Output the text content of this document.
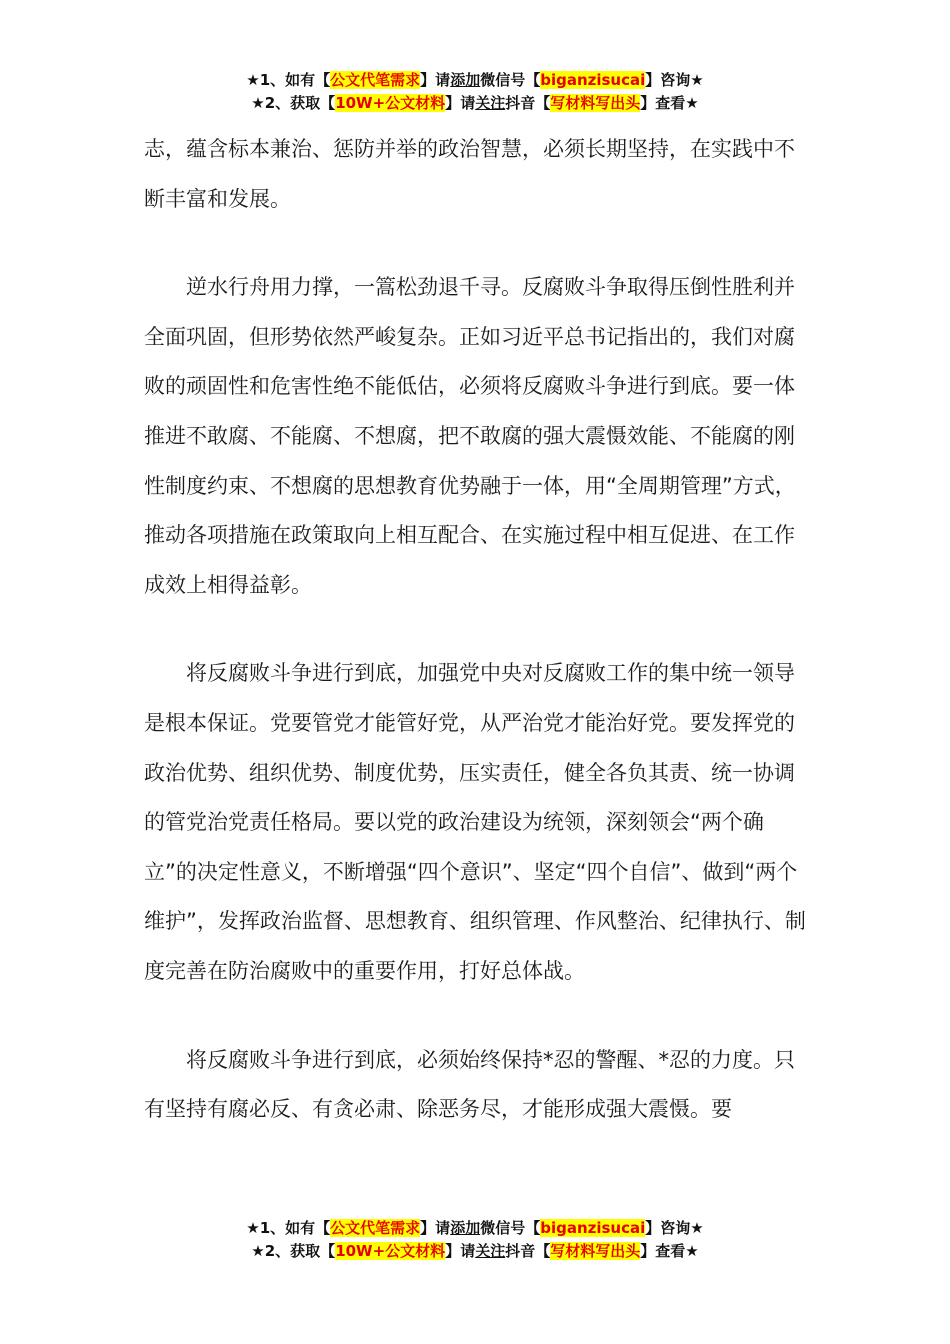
★1、如有【公文代笔需求】请添加微信号【biganzisucai】咨询★
★2、获取【10W+公文材料】请关注抖音【写材料写出头】查看★

志，蕴含标本兼治、惩防并举的政治智慧，必须长期坚持，在实践中不断丰富和发展。

逆水行舟用力撑，一篙松劲退千寻。反腐败斗争取得压倒性胜利并全面巩固，但形势依然严峻复杂。正如习近平总书记指出的，我们对腐败的顽固性和危害性绝不能低估，必须将反腐败斗争进行到底。要一体推进不敢腐、不能腐、不想腐，把不敢腐的强大震慑效能、不能腐的刚性制度约束、不想腐的思想教育优势融于一体，用“全周期管理”方式，推动各项措施在政策取向上相互配合、在实施过程中相互促进、在工作成效上相得益彰。

将反腐败斗争进行到底，加强党中央对反腐败工作的集中统一领导是根本保证。党要管党才能管好党，从严治党才能治好党。要发挥党的政治优势、组织优势、制度优势，压实责任，健全各负其责、统一协调的管党治党责任格局。要以党的政治建设为统领，深刻领会“两个确立”的决定性意义，不断增强“四个意识”、坚定“四个自信”、做到“两个维护”，发挥政治监督、思想教育、组织管理、作风整治、纪律执行、制度完善在防治腐败中的重要作用，打好总体战。

将反腐败斗争进行到底，必须始终保持*忍的警醒、*忍的力度。只有坚持有腐必反、有贪必肃、除恶务尽，才能形成强大震慑。要

★1、如有【公文代笔需求】请添加微信号【biganzisucai】咨询★
★2、获取【10W+公文材料】请关注抖音【写材料写出头】查看★
